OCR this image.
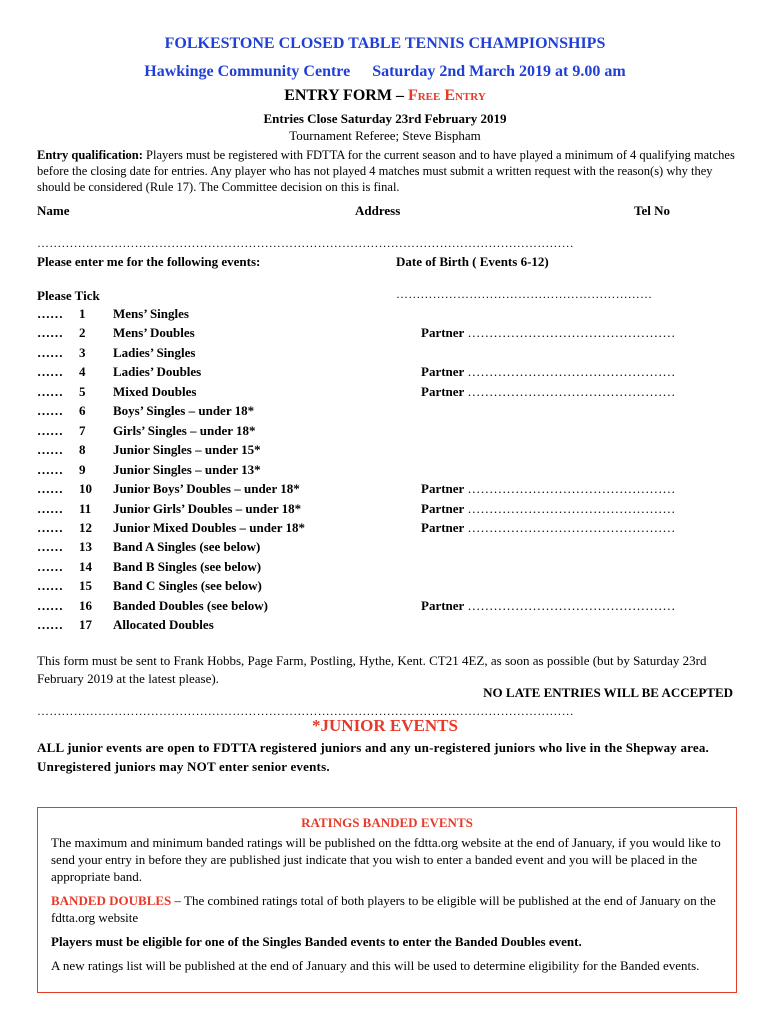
FOLKESTONE CLOSED TABLE TENNIS CHAMPIONSHIPS
Hawkinge Community Centre Saturday 2nd March 2019 at 9.00 am
ENTRY FORM – Free Entry
Entries Close Saturday 23rd February 2019
Tournament Referee; Steve Bispham
Entry qualification: Players must be registered with FDTTA for the current season and to have played a minimum of 4 qualifying matches before the closing date for entries. Any player who has not played 4 matches must submit a written request with the reason(s) why they should be considered (Rule 17). The Committee decision on this is final.
Name	Address	Tel No
……………………………………………………………………………………………………………………
Please enter me for the following events:	Date of Birth ( Events 6-12)
Please Tick	………………………………………………………
……	1	Mens’ Singles
……	2	Mens’ Doubles	Partner …………………………………………
……	3	Ladies’ Singles
……	4	Ladies’ Doubles	Partner …………………………………………
……	5	Mixed Doubles	Partner …………………………………………
……	6	Boys’ Singles – under 18*
……	7	Girls’ Singles – under 18*
……	8	Junior Singles – under 15*
……	9	Junior Singles – under 13*
……	10	Junior Boys’ Doubles – under 18*	Partner …………………………………………
……	11	Junior Girls’ Doubles – under 18*	Partner …………………………………………
……	12	Junior Mixed Doubles – under 18*	Partner …………………………………………
……	13	Band A Singles (see below)
……	14	Band B Singles (see below)
……	15	Band C Singles (see below)
……	16	Banded Doubles (see below)	Partner …………………………………………
……	17	Allocated Doubles
This form must be sent to Frank Hobbs, Page Farm, Postling, Hythe, Kent. CT21 4EZ, as soon as possible (but by Saturday 23rd February 2019 at the latest please).
NO LATE ENTRIES WILL BE ACCEPTED
……………………………………………………………………………………………………………………
*JUNIOR EVENTS
ALL junior events are open to FDTTA registered juniors and any un-registered juniors who live in the Shepway area. Unregistered juniors may NOT enter senior events.
RATINGS BANDED EVENTS
The maximum and minimum banded ratings will be published on the fdtta.org website at the end of January, if you would like to send your entry in before they are published just indicate that you wish to enter a banded event and you will be placed in the appropriate band.
BANDED DOUBLES – The combined ratings total of both players to be eligible will be published at the end of January on the fdtta.org website
Players must be eligible for one of the Singles Banded events to enter the Banded Doubles event.
A new ratings list will be published at the end of January and this will be used to determine eligibility for the Banded events.
